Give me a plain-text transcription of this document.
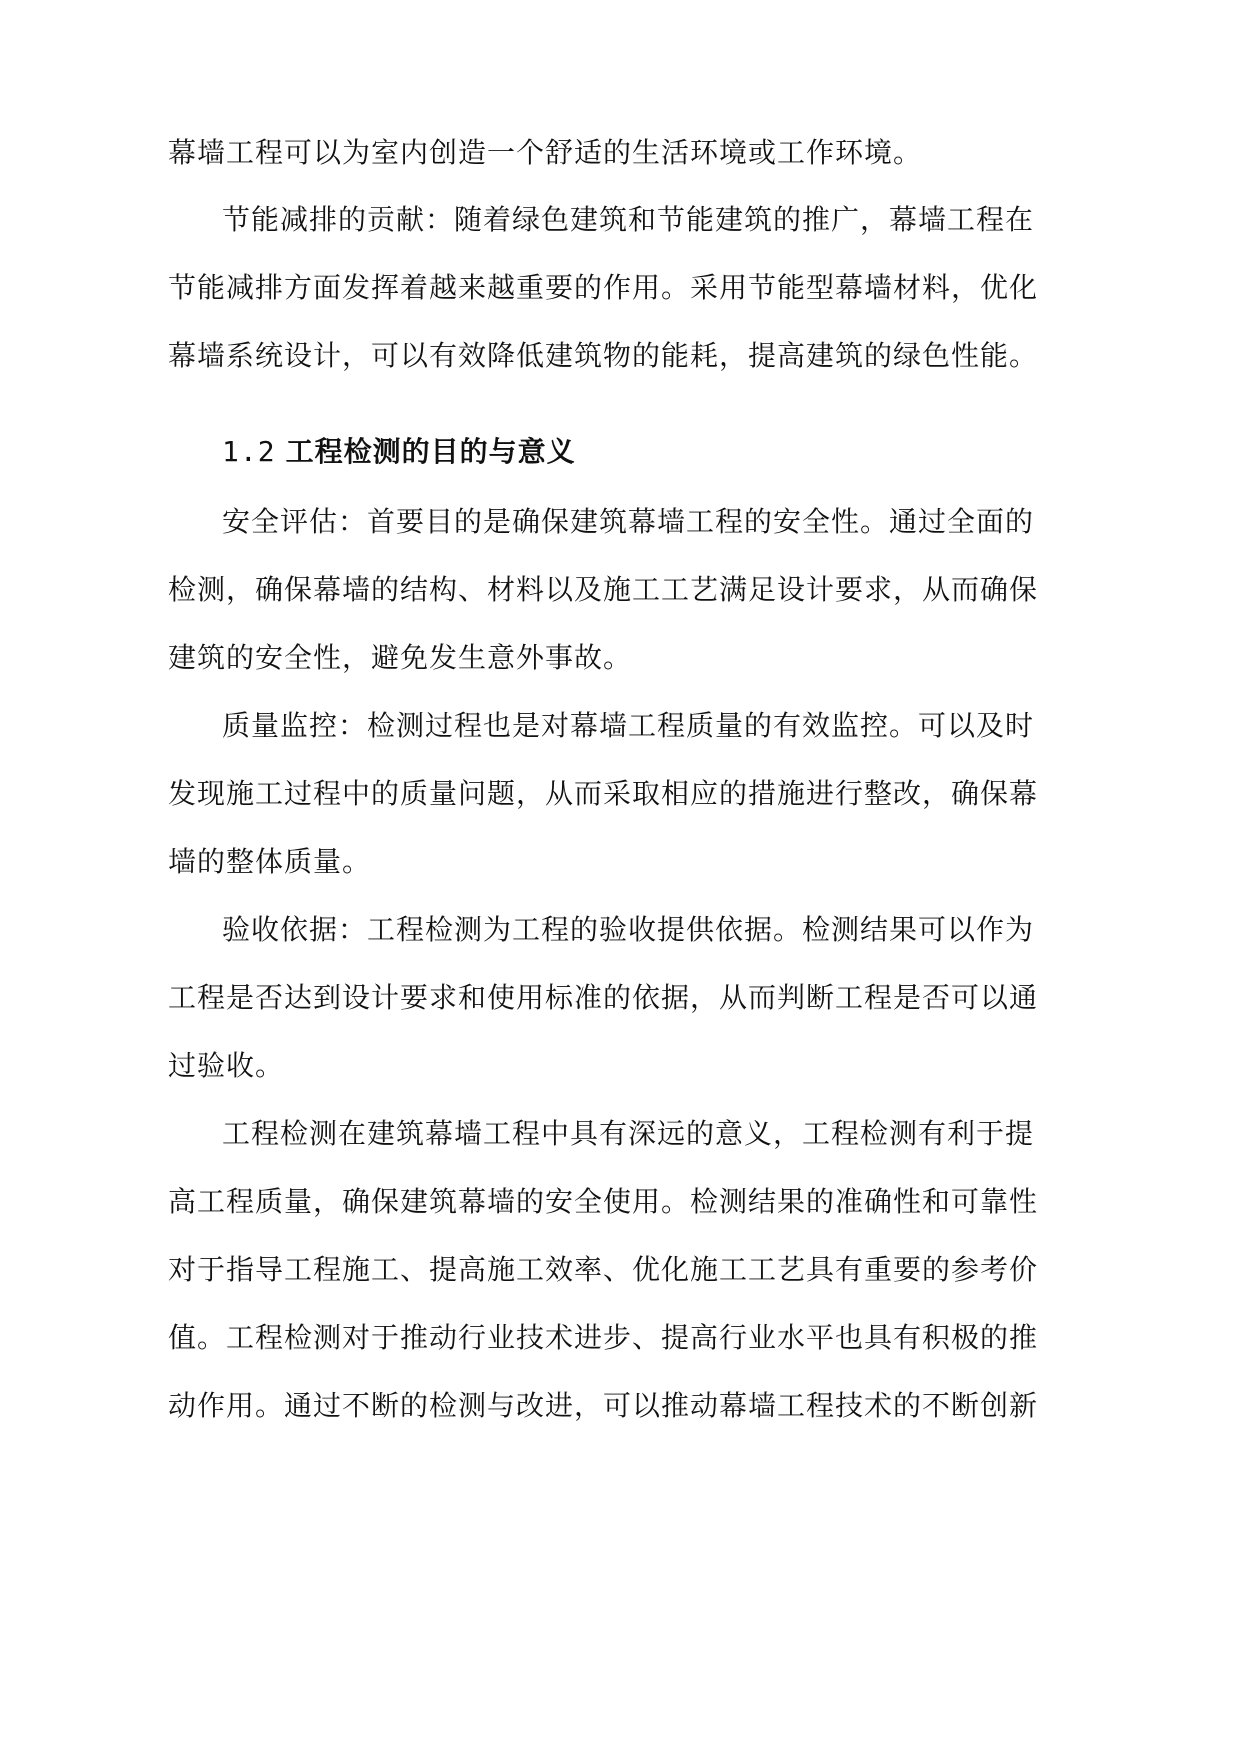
幕墙工程可以为室内创造一个舒适的生活环境或工作环境。

节能减排的贡献：随着绿色建筑和节能建筑的推广，幕墙工程在

节能减排方面发挥着越来越重要的作用。采用节能型幕墙材料，优化

幕墙系统设计，可以有效降低建筑物的能耗，提高建筑的绿色性能。

1.2 工程检测的目的与意义

安全评估：首要目的是确保建筑幕墙工程的安全性。通过全面的

检测，确保幕墙的结构、材料以及施工工艺满足设计要求，从而确保

建筑的安全性，避免发生意外事故。

质量监控：检测过程也是对幕墙工程质量的有效监控。可以及时

发现施工过程中的质量问题，从而采取相应的措施进行整改，确保幕

墙的整体质量。

验收依据：工程检测为工程的验收提供依据。检测结果可以作为

工程是否达到设计要求和使用标准的依据，从而判断工程是否可以通

过验收。

工程检测在建筑幕墙工程中具有深远的意义，工程检测有利于提

高工程质量，确保建筑幕墙的安全使用。检测结果的准确性和可靠性

对于指导工程施工、提高施工效率、优化施工工艺具有重要的参考价

值。工程检测对于推动行业技术进步、提高行业水平也具有积极的推

动作用。通过不断的检测与改进，可以推动幕墙工程技术的不断创新
